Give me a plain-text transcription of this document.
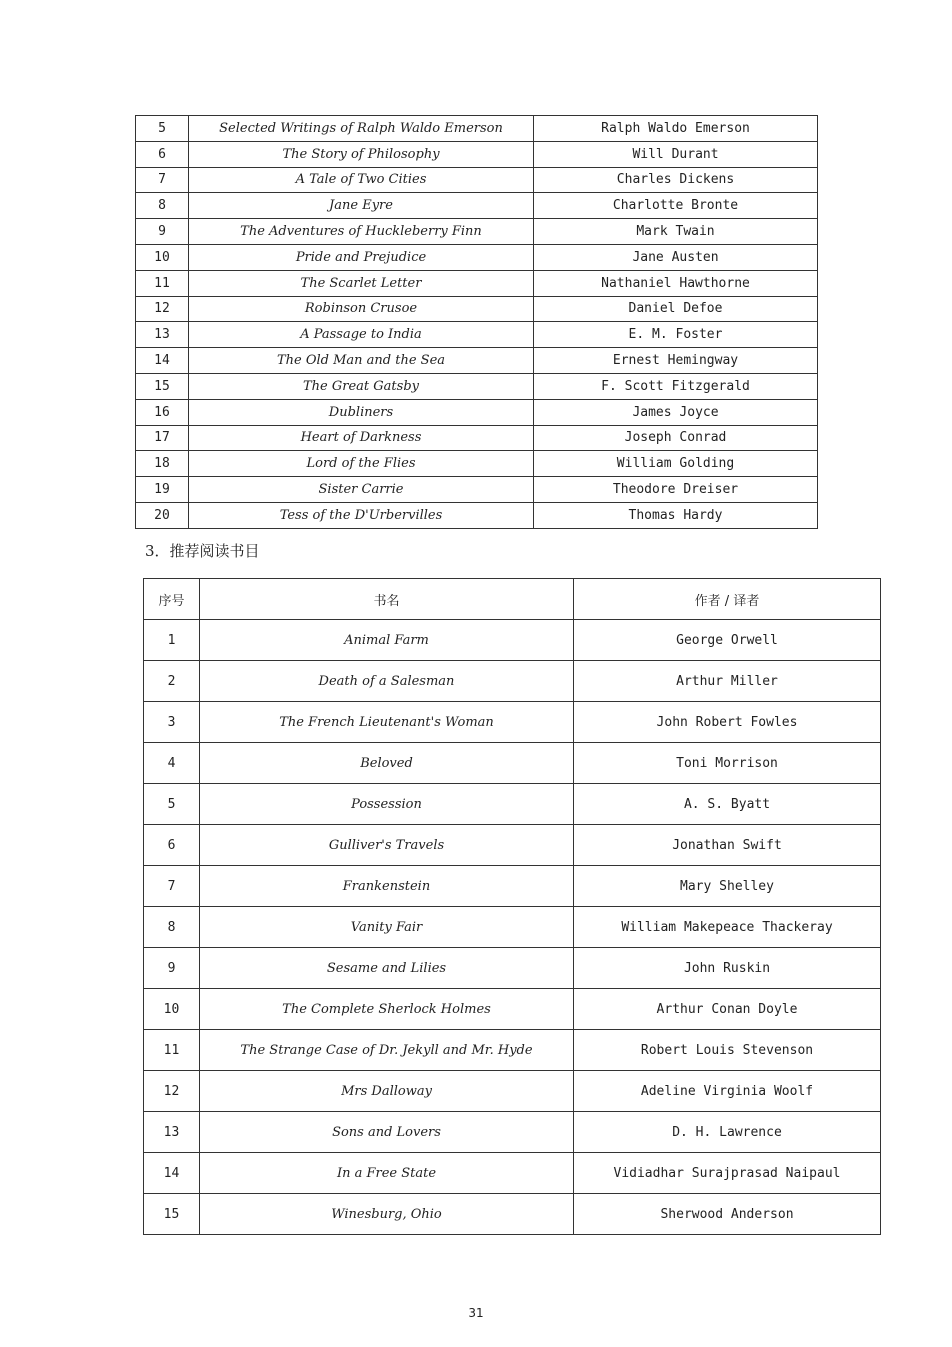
5	Selected Writings of Ralph Waldo Emerson	Ralph Waldo Emerson
6	The Story of Philosophy	Will Durant
7	A Tale of Two Cities	Charles Dickens
8	Jane Eyre	Charlotte Bronte
9	The Adventures of Huckleberry Finn	Mark Twain
10	Pride and Prejudice	Jane Austen
11	The Scarlet Letter	Nathaniel Hawthorne
12	Robinson Crusoe	Daniel Defoe
13	A Passage to India	E. M. Foster
14	The Old Man and the Sea	Ernest Hemingway
15	The Great Gatsby	F. Scott Fitzgerald
16	Dubliners	James Joyce
17	Heart of Darkness	Joseph Conrad
18	Lord of the Flies	William Golding
19	Sister Carrie	Theodore Dreiser
20	Tess of the D'Urbervilles	Thomas Hardy
3．推荐阅读书目
序号	书名	作者 / 译者
1	Animal Farm	George Orwell
2	Death of a Salesman	Arthur Miller
3	The French Lieutenant's Woman	John Robert Fowles
4	Beloved	Toni Morrison
5	Possession	A. S. Byatt
6	Gulliver's Travels	Jonathan Swift
7	Frankenstein	Mary Shelley
8	Vanity Fair	William Makepeace Thackeray
9	Sesame and Lilies	John Ruskin
10	The Complete Sherlock Holmes	Arthur Conan Doyle
11	The Strange Case of Dr. Jekyll and Mr. Hyde	Robert Louis Stevenson
12	Mrs Dalloway	Adeline Virginia Woolf
13	Sons and Lovers	D. H. Lawrence
14	In a Free State	Vidiadhar Surajprasad Naipaul
15	Winesburg, Ohio	Sherwood Anderson
31
